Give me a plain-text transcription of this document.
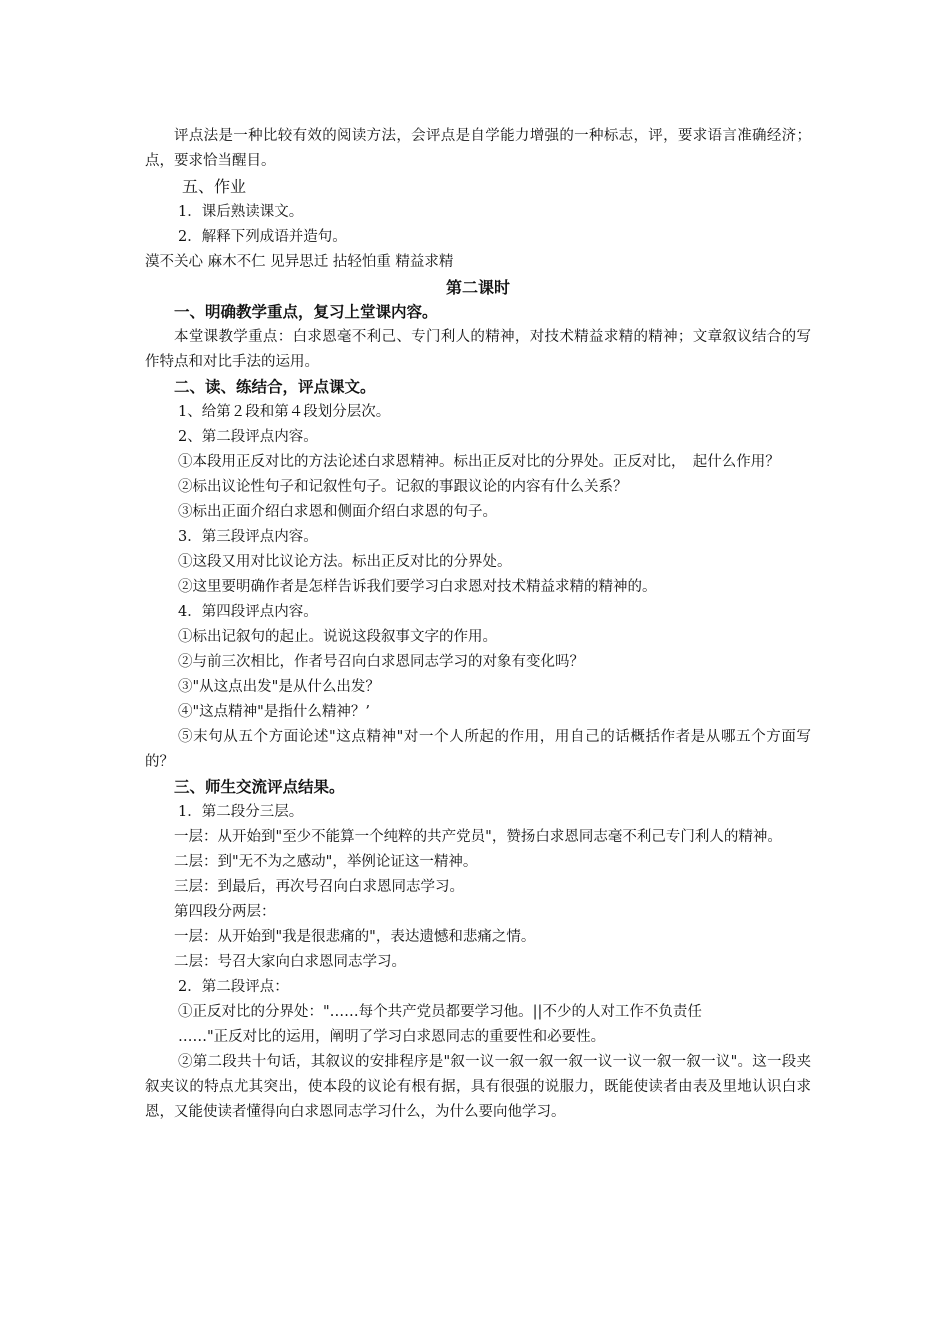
评点法是一种比较有效的阅读方法，会评点是自学能力增强的一种标志，评，要求语言准确经济；点，要求恰当醒目。
五、作业
1．课后熟读课文。
2．解释下列成语并造句。
漠不关心 麻木不仁 见异思迁 拈轻怕重 精益求精
第二课时
一、明确教学重点，复习上堂课内容。
本堂课教学重点：白求恩毫不利己、专门利人的精神，对技术精益求精的精神；文章叙议结合的写作特点和对比手法的运用。
二、读、练结合，评点课文。
1、给第２段和第４段划分层次。
2、第二段评点内容。
①本段用正反对比的方法论述白求恩精神。标出正反对比的分界处。正反对比，　起什么作用？
②标出议论性句子和记叙性句子。记叙的事跟议论的内容有什么关系？
③标出正面介绍白求恩和侧面介绍白求恩的句子。
3．第三段评点内容。
①这段又用对比议论方法。标出正反对比的分界处。
②这里要明确作者是怎样告诉我们要学习白求恩对技术精益求精的精神的。
4．第四段评点内容。
①标出记叙句的起止。说说这段叙事文字的作用。
②与前三次相比，作者号召向白求恩同志学习的对象有变化吗？
③"从这点出发"是从什么出发？
④"这点精神"是指什么精神？’
⑤末句从五个方面论述"这点精神"对一个人所起的作用，用自己的话概括作者是从哪五个方面写的？
三、师生交流评点结果。
1．第二段分三层。
一层：从开始到"至少不能算一个纯粹的共产党员"，赞扬白求恩同志毫不利己专门利人的精神。
二层：到"无不为之感动"，举例论证这一精神。
三层：到最后，再次号召向白求恩同志学习。
第四段分两层：
一层：从开始到"我是很悲痛的"，表达遗憾和悲痛之情。
二层：号召大家向白求恩同志学习。
2．第二段评点：
①正反对比的分界处："……每个共产党员都要学习他。||不少的人对工作不负责任
……"正反对比的运用，阐明了学习白求恩同志的重要性和必要性。
②第二段共十句话，其叙议的安排程序是"叙一议一叙一叙一叙一议一议一叙一叙一议"。这一段夹叙夹议的特点尤其突出，使本段的议论有根有据，具有很强的说服力，既能使读者由表及里地认识白求恩，又能使读者懂得向白求恩同志学习什么，为什么要向他学习。
